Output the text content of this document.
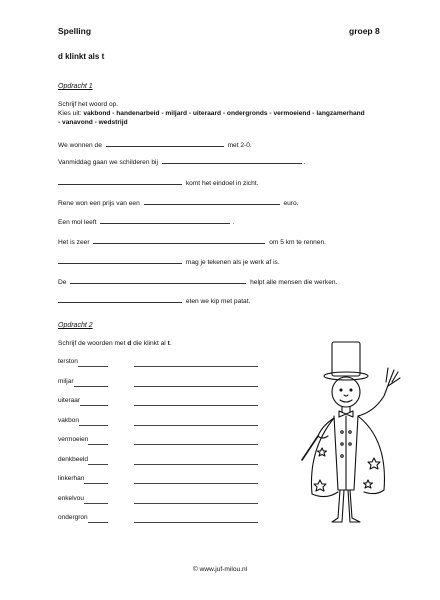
Spelling	groep 8
d klinkt als t
Opdracht 1
Schrijf het woord op.
Kies uit: vakbond - handenarbeid - miljard - uiteraard - ondergronds - vermoeiend - langzamerhand
- vanavond - wedstrijd
We wonnen de	met 2-0.
Vanmiddag gaan we schilderen bij	.
komt het eindoel in zicht.
Rene won een prijs van een	euro.
Een mol leeft	.
Het is zeer	om 5 km te rennen.
mag je tekenen als je werk af is.
De	helpt alle mensen die werken.
eten we kip met patat.
Opdracht 2
Schrijf de woorden met d die klinkt al t.
terston
miljar
uiteraar
vakbon
vermoeien
denkbeeld
linkerhan
enkelvou
ondergron
© www.juf-milou.nl
